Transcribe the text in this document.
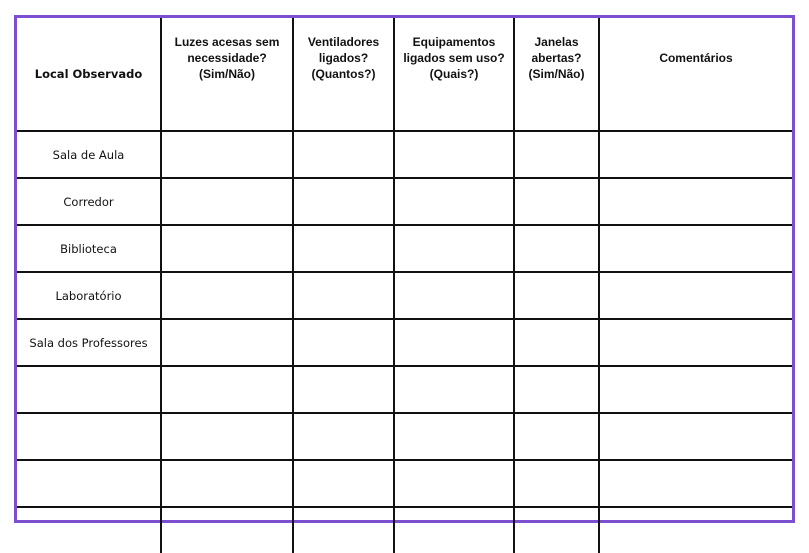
Local Observado	Luzes acesas sem necessidade? (Sim/Não)	Ventiladores ligados? (Quantos?)	Equipamentos ligados sem uso? (Quais?)	Janelas abertas? (Sim/Não)	Comentários
Sala de Aula					
Corredor					
Biblioteca					
Laboratório					
Sala dos Professores					
